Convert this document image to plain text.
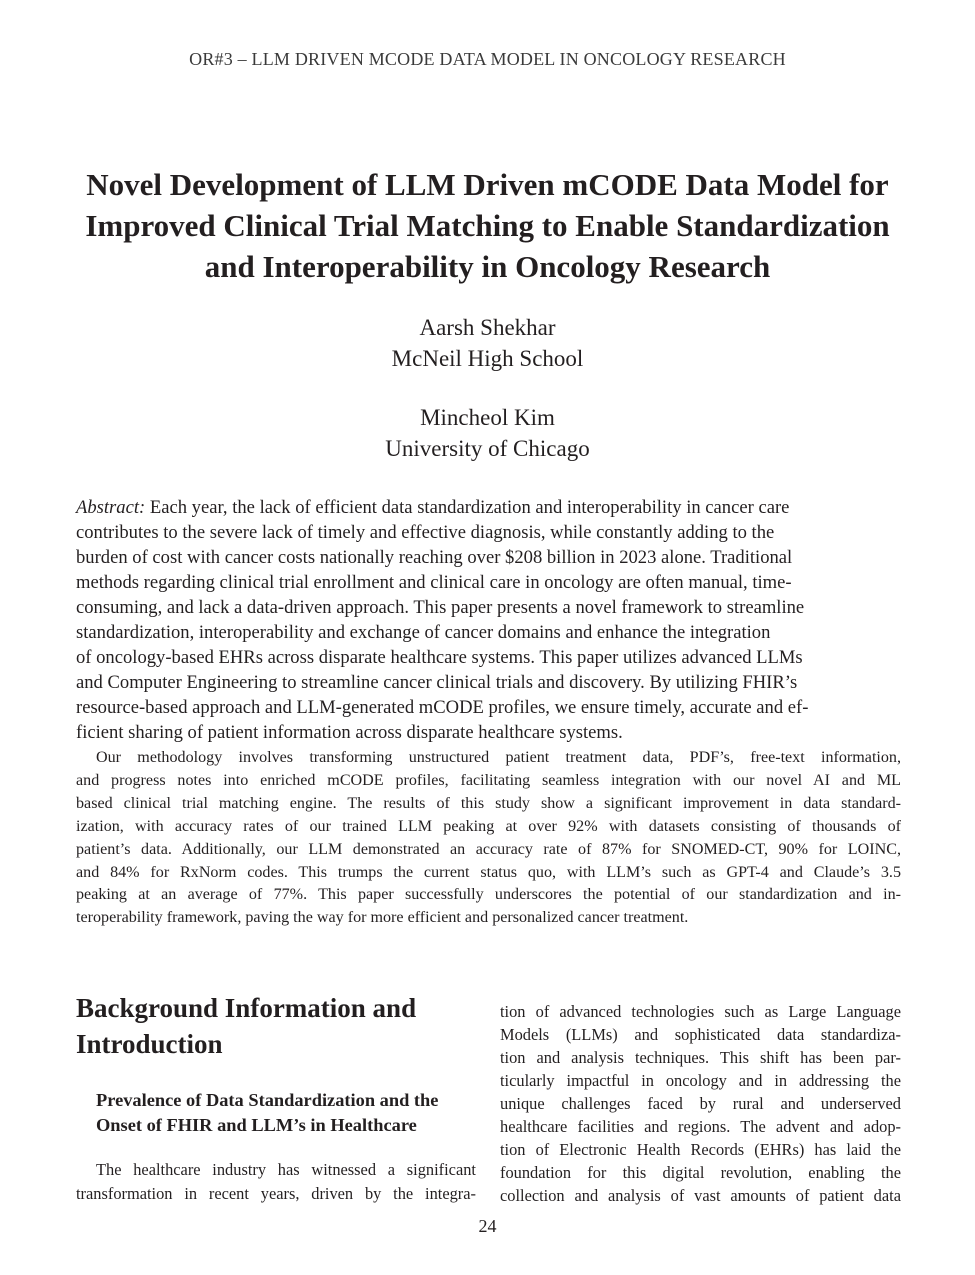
OR#3 – LLM DRIVEN MCODE DATA MODEL IN ONCOLOGY RESEARCH
Novel Development of LLM Driven mCODE Data Model for
Improved Clinical Trial Matching to Enable Standardization
and Interoperability in Oncology Research
Aarsh Shekhar
McNeil High School
Mincheol Kim
University of Chicago
Abstract: Each year, the lack of efficient data standardization and interoperability in cancer care
contributes to the severe lack of timely and effective diagnosis, while constantly adding to the
burden of cost with cancer costs nationally reaching over $208 billion in 2023 alone. Traditional
methods regarding clinical trial enrollment and clinical care in oncology are often manual, time-
consuming, and lack a data-driven approach. This paper presents a novel framework to streamline
standardization, interoperability and exchange of cancer domains and enhance the integration
of oncology-based EHRs across disparate healthcare systems. This paper utilizes advanced LLMs
and Computer Engineering to streamline cancer clinical trials and discovery. By utilizing FHIR’s
resource-based approach and LLM-generated mCODE profiles, we ensure timely, accurate and ef-
ficient sharing of patient information across disparate healthcare systems.
Our methodology involves transforming unstructured patient treatment data, PDF’s, free-text information,
and progress notes into enriched mCODE profiles, facilitating seamless integration with our novel AI and ML
based clinical trial matching engine. The results of this study show a significant improvement in data standard-
ization, with accuracy rates of our trained LLM peaking at over 92% with datasets consisting of thousands of
patient’s data. Additionally, our LLM demonstrated an accuracy rate of 87% for SNOMED-CT, 90% for LOINC,
and 84% for RxNorm codes. This trumps the current status quo, with LLM’s such as GPT-4 and Claude’s 3.5
peaking at an average of 77%. This paper successfully underscores the potential of our standardization and in-
teroperability framework, paving the way for more efficient and personalized cancer treatment.
Background Information and
Introduction
Prevalence of Data Standardization and the
Onset of FHIR and LLM’s in Healthcare
The healthcare industry has witnessed a significant
transformation in recent years, driven by the integra-
tion of advanced technologies such as Large Language
Models (LLMs) and sophisticated data standardiza-
tion and analysis techniques. This shift has been par-
ticularly impactful in oncology and in addressing the
unique challenges faced by rural and underserved
healthcare facilities and regions. The advent and adop-
tion of Electronic Health Records (EHRs) has laid the
foundation for this digital revolution, enabling the
collection and analysis of vast amounts of patient data
24
